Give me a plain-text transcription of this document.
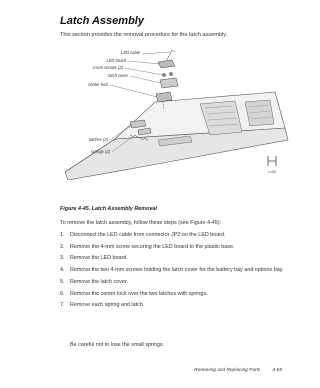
Latch Assembly
This section provides the removal procedure for the latch assembly.
LED cable
LED board
4-mm screws (2)
latch cover
center lock
latches (2)
springs (2)
c-ref#
Figure 4-45. Latch Assembly Removal
To remove the latch assembly, follow these steps (see Figure 4-45):
1.	Disconnect the LED cable from connector JP2 on the LED board.
2.	Remove the 4-mm screw securing the LED board to the plastic base.
3.	Remove the LED board.
4.	Remove the two 4-mm screws holding the latch cover for the battery bay and options bay.
5.	Remove the latch cover.
6.	Remove the center lock over the two latches with springs.
7.	Remove each spring and latch.
Be careful not to lose the small springs.
Removing and Replacing Parts	4-65
